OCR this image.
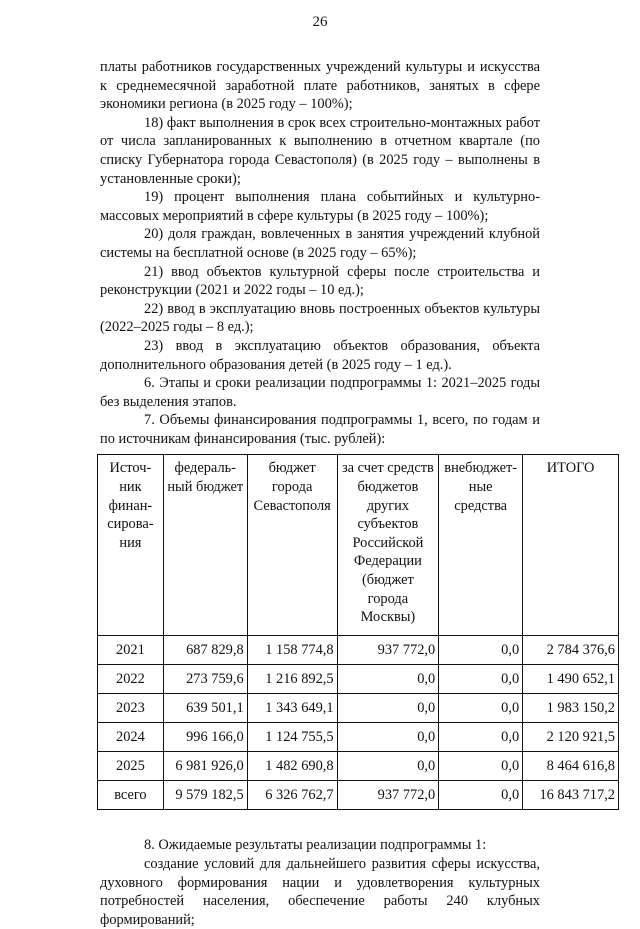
26

платы работников государственных учреждений культуры и искусства к среднемесячной заработной плате работников, занятых в сфере экономики региона (в 2025 году – 100%);

18) факт выполнения в срок всех строительно-монтажных работ от числа запланированных к выполнению в отчетном квартале (по списку Губернатора города Севастополя) (в 2025 году – выполнены в установленные сроки);

19) процент выполнения плана событийных и культурно-массовых мероприятий в сфере культуры (в 2025 году – 100%);

20) доля граждан, вовлеченных в занятия учреждений клубной системы на бесплатной основе (в 2025 году – 65%);

21) ввод объектов культурной сферы после строительства и реконструкции (2021 и 2022 годы – 10 ед.);

22) ввод в эксплуатацию вновь построенных объектов культуры (2022–2025 годы – 8 ед.);

23) ввод в эксплуатацию объектов образования, объекта дополнительного образования детей (в 2025 году – 1 ед.).

6. Этапы и сроки реализации подпрограммы 1: 2021–2025 годы без выделения этапов.

7. Объемы финансирования подпрограммы 1, всего, по годам и по источникам финансирования (тыс. рублей):

Источ-ник финан-сирова-ния	федераль-ный бюджет	бюджет города Севастополя	за счет средств бюджетов других субъектов Российской Федерации (бюджет города Москвы)	внебюджет-ные средства	ИТОГО
2021	687 829,8	1 158 774,8	937 772,0	0,0	2 784 376,6
2022	273 759,6	1 216 892,5	0,0	0,0	1 490 652,1
2023	639 501,1	1 343 649,1	0,0	0,0	1 983 150,2
2024	996 166,0	1 124 755,5	0,0	0,0	2 120 921,5
2025	6 981 926,0	1 482 690,8	0,0	0,0	8 464 616,8
всего	9 579 182,5	6 326 762,7	937 772,0	0,0	16 843 717,2

8. Ожидаемые результаты реализации подпрограммы 1:

создание условий для дальнейшего развития сферы искусства, духовного формирования нации и удовлетворения культурных потребностей населения, обеспечение работы 240 клубных формирований;
